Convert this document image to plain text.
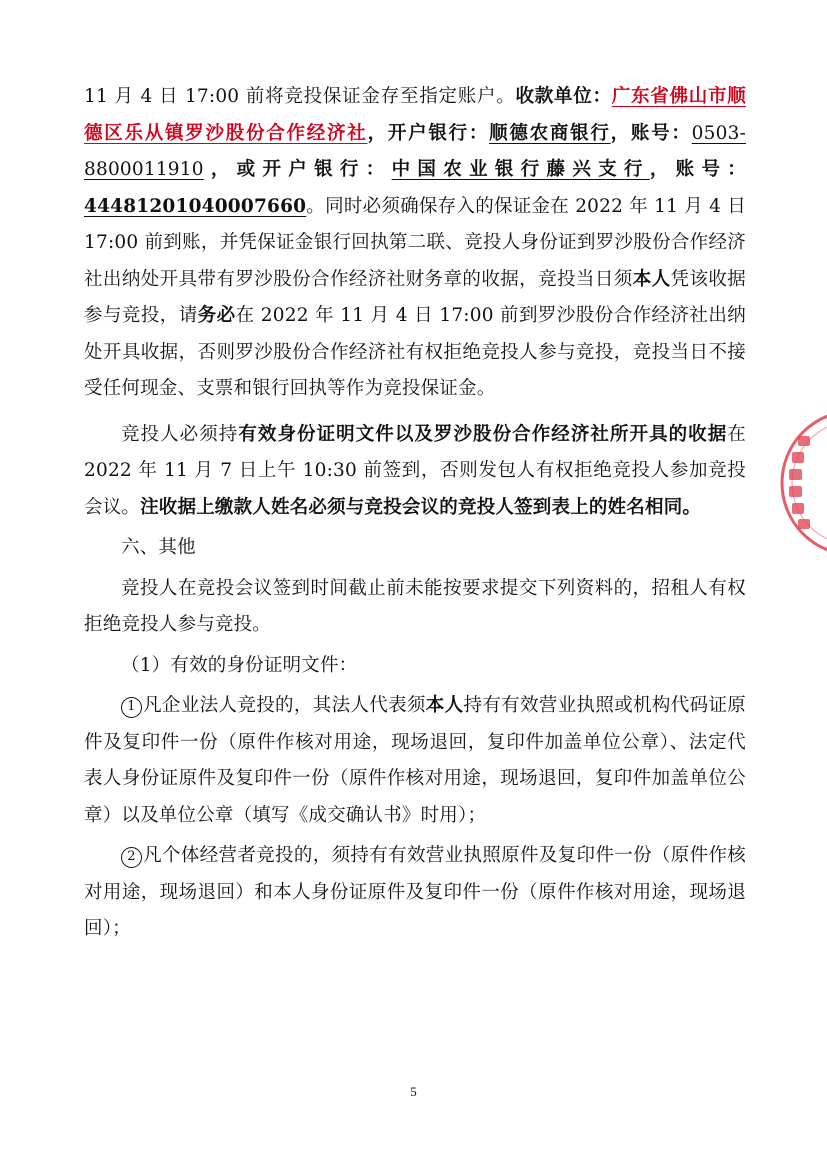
11 月 4 日 17:00 前将竞投保证金存至指定账户。收款单位：广东省佛山市顺德区乐从镇罗沙股份合作经济社，开户银行：顺德农商银行，账号：0503-8800011910，或开户银行：中国农业银行藤兴支行，账号：44481201040007660。同时必须确保存入的保证金在 2022 年 11 月 4 日 17:00 前到账，并凭保证金银行回执第二联、竞投人身份证到罗沙股份合作经济社出纳处开具带有罗沙股份合作经济社财务章的收据，竞投当日须本人凭该收据参与竞投，请务必在 2022 年 11 月 4 日 17:00 前到罗沙股份合作经济社出纳处开具收据，否则罗沙股份合作经济社有权拒绝竞投人参与竞投，竞投当日不接受任何现金、支票和银行回执等作为竞投保证金。

竞投人必须持有效身份证明文件以及罗沙股份合作经济社所开具的收据在 2022 年 11 月 7 日上午 10:30 前签到，否则发包人有权拒绝竞投人参加竞投会议。注收据上缴款人姓名必须与竞投会议的竞投人签到表上的姓名相同。

六、其他

竞投人在竞投会议签到时间截止前未能按要求提交下列资料的，招租人有权拒绝竞投人参与竞投。

（1）有效的身份证明文件：

1 凡企业法人竞投的，其法人代表须本人持有有效营业执照或机构代码证原件及复印件一份（原件作核对用途，现场退回，复印件加盖单位公章）、法定代表人身份证原件及复印件一份（原件作核对用途，现场退回，复印件加盖单位公章）以及单位公章（填写《成交确认书》时用）；

2 凡个体经营者竞投的，须持有有效营业执照原件及复印件一份（原件作核对用途，现场退回）和本人身份证原件及复印件一份（原件作核对用途，现场退回）；

5
